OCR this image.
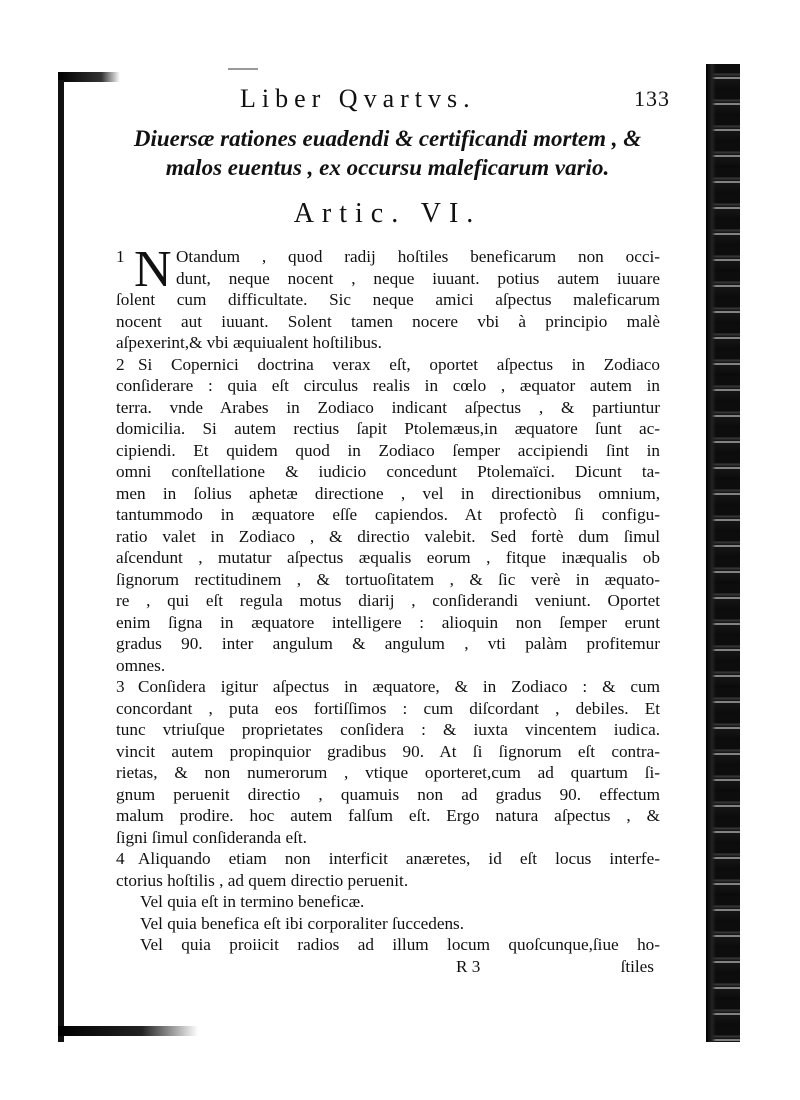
Liber Qvartvs.	133
Diuersæ rationes euadendi & certificandi mortem , &
malos euentus , ex occursu maleficarum vario.
Artic. VI.
N
1	Otandum , quod radij hoſtiles beneficarum non occi-
dunt, neque nocent , neque iuuant. potius autem iuuare
ſolent cum difficultate. Sic neque amici aſpectus maleficarum
nocent aut iuuant. Solent tamen nocere vbi à principio malè
aſpexerint,& vbi æquiualent hoſtilibus.
2 Si Copernici doctrina verax eſt, oportet aſpectus in Zodiaco
conſiderare : quia eſt circulus realis in cœlo , æquator autem in
terra. vnde Arabes in Zodiaco indicant aſpectus , & partiuntur
domicilia. Si autem rectius ſapit Ptolemæus,in æquatore ſunt ac-
cipiendi. Et quidem quod in Zodiaco ſemper accipiendi ſint in
omni conſtellatione & iudicio concedunt Ptolemaïci. Dicunt ta-
men in ſolius aphetæ directione , vel in directionibus omnium,
tantummodo in æquatore eſſe capiendos. At profectò ſi configu-
ratio valet in Zodiaco , & directio valebit. Sed fortè dum ſimul
aſcendunt , mutatur aſpectus æqualis eorum , fitque inæqualis ob
ſignorum rectitudinem , & tortuoſitatem , & ſic verè in æquato-
re , qui eſt regula motus diarij , conſiderandi veniunt. Oportet
enim ſigna in æquatore intelligere : alioquin non ſemper erunt
gradus 90. inter angulum & angulum , vti palàm profitemur
omnes.
3 Conſidera igitur aſpectus in æquatore, & in Zodiaco : & cum
concordant , puta eos fortiſſimos : cum diſcordant , debiles. Et
tunc vtriuſque proprietates conſidera : & iuxta vincentem iudica.
vincit autem propinquior gradibus 90. At ſi ſignorum eſt contra-
rietas, & non numerorum , vtique oporteret,cum ad quartum ſi-
gnum peruenit directio , quamuis non ad gradus 90. effectum
malum prodire. hoc autem falſum eſt. Ergo natura aſpectus , &
ſigni ſimul conſideranda eſt.
4 Aliquando etiam non interficit anæretes, id eſt locus interfe-
ctorius hoſtilis , ad quem directio peruenit.
Vel quia eſt in termino beneficæ.
Vel quia benefica eſt ibi corporaliter ſuccedens.
Vel quia proiicit radios ad illum locum quoſcunque,ſiue ho-
R 3	ſtiles
